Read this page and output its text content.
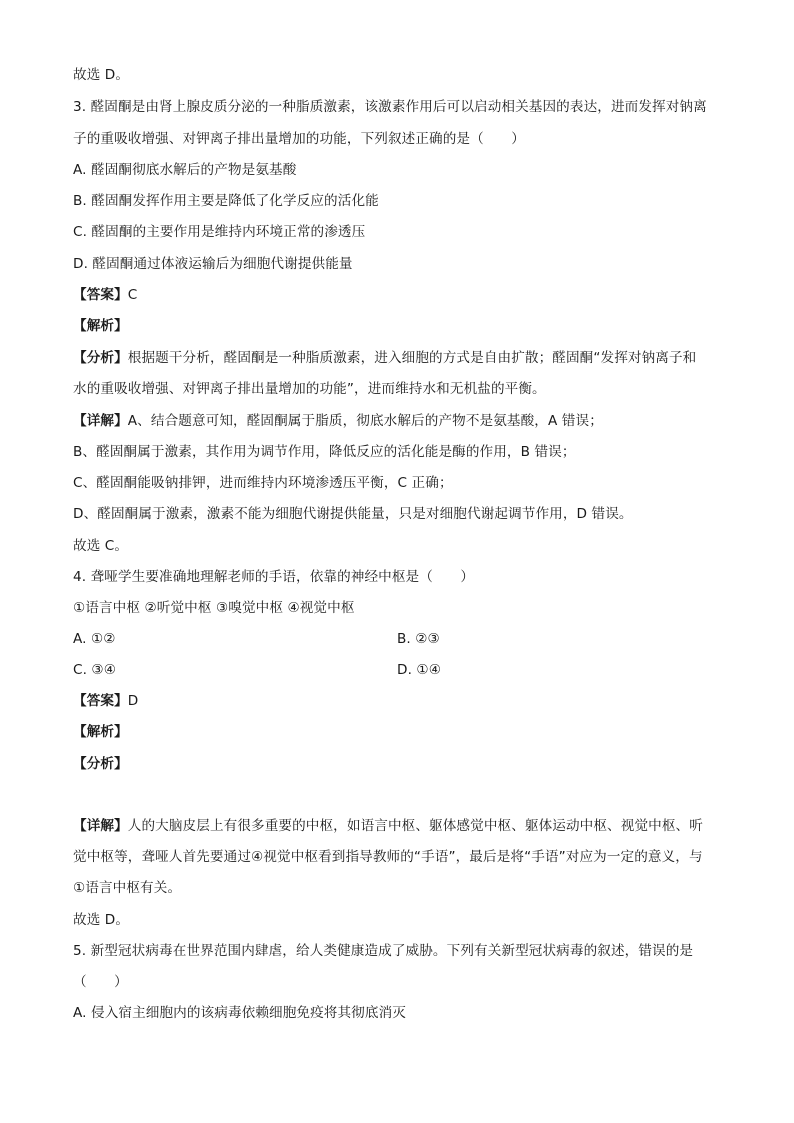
故选 D。

3. 醛固酮是由肾上腺皮质分泌的一种脂质激素，该激素作用后可以启动相关基因的表达，进而发挥对钠离

子的重吸收增强、对钾离子排出量增加的功能，下列叙述正确的是（　　）

A. 醛固酮彻底水解后的产物是氨基酸

B. 醛固酮发挥作用主要是降低了化学反应的活化能

C. 醛固酮的主要作用是维持内环境正常的渗透压

D. 醛固酮通过体液运输后为细胞代谢提供能量

【答案】C

【解析】

【分析】根据题干分析，醛固酮是一种脂质激素，进入细胞的方式是自由扩散；醛固酮“发挥对钠离子和

水的重吸收增强、对钾离子排出量增加的功能”，进而维持水和无机盐的平衡。

【详解】A、结合题意可知，醛固酮属于脂质，彻底水解后的产物不是氨基酸，A 错误；

B、醛固酮属于激素，其作用为调节作用，降低反应的活化能是酶的作用，B 错误；

C、醛固酮能吸钠排钾，进而维持内环境渗透压平衡，C 正确；

D、醛固酮属于激素，激素不能为细胞代谢提供能量，只是对细胞代谢起调节作用，D 错误。

故选 C。

4. 聋哑学生要准确地理解老师的手语，依靠的神经中枢是（　　）

①语言中枢 ②听觉中枢 ③嗅觉中枢 ④视觉中枢

A. ①②	B. ②③

C. ③④	D. ①④

【答案】D

【解析】

【分析】

【详解】人的大脑皮层上有很多重要的中枢，如语言中枢、躯体感觉中枢、躯体运动中枢、视觉中枢、听

觉中枢等，聋哑人首先要通过④视觉中枢看到指导教师的“手语”，最后是将“手语”对应为一定的意义，与

①语言中枢有关。

故选 D。

5. 新型冠状病毒在世界范围内肆虐，给人类健康造成了威胁。下列有关新型冠状病毒的叙述，错误的是

（　　）

A. 侵入宿主细胞内的该病毒依赖细胞免疫将其彻底消灭
